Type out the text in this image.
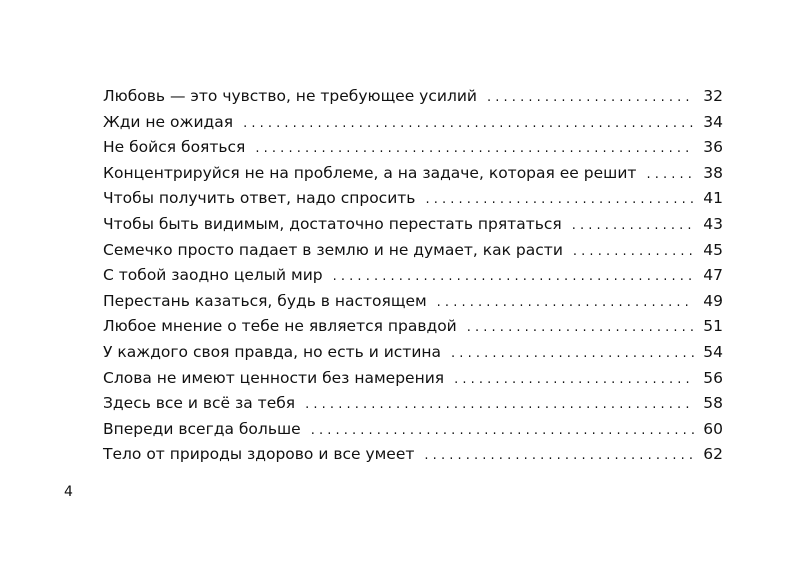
Любовь — это чувство, не требующее усилий . . .	32
Жди не ожидая . . .	34
Не бойся бояться . . .	36
Концентрируйся не на проблеме, а на задаче, которая ее решит . . .	38
Чтобы получить ответ, надо спросить . . .	41
Чтобы быть видимым, достаточно перестать прятаться . . .	43
Семечко просто падает в землю и не думает, как расти . . .	45
С тобой заодно целый мир . . .	47
Перестань казаться, будь в настоящем . . .	49
Любое мнение о тебе не является правдой . . .	51
У каждого своя правда, но есть и истина . . .	54
Слова не имеют ценности без намерения . . .	56
Здесь все и всё за тебя . . .	58
Впереди всегда больше . . .	60
Тело от природы здорово и все умеет . . .	62
4
